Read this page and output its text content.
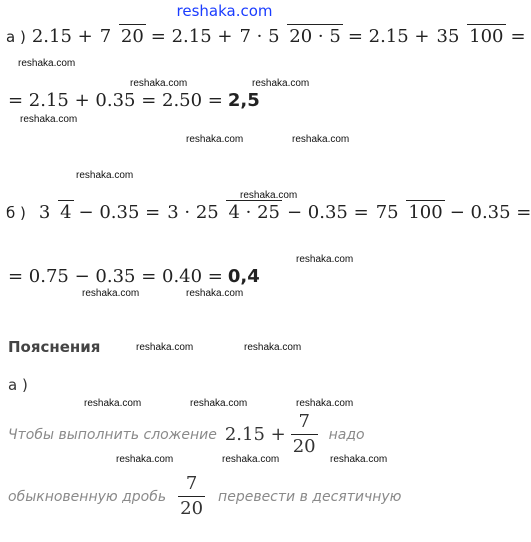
reshaka.com
а ) 2.15 + 7 20 = 2.15 + 7 · 5 20 · 5 = 2.15 + 35 100 =
= 2.15 + 0.35 = 2.50 = 2,5
б ) 3 4 − 0.35 = 3 · 25 4 · 25 − 0.35 = 75 100 − 0.35 =
= 0.75 − 0.35 = 0.40 = 0,4
Пояснения
а )
Чтобы выполнить сложение $2.15 + \frac{7}{20}$ надо
обыкновенную дробь $\frac{7}{20}$ перевести в десятичную
reshaka.com
reshaka.com	reshaka.com
reshaka.com
reshaka.com	reshaka.com
reshaka.com
reshaka.com
reshaka.com
reshaka.com	reshaka.com
reshaka.com	reshaka.com
reshaka.com	reshaka.com	reshaka.com
reshaka.com	reshaka.com	reshaka.com
